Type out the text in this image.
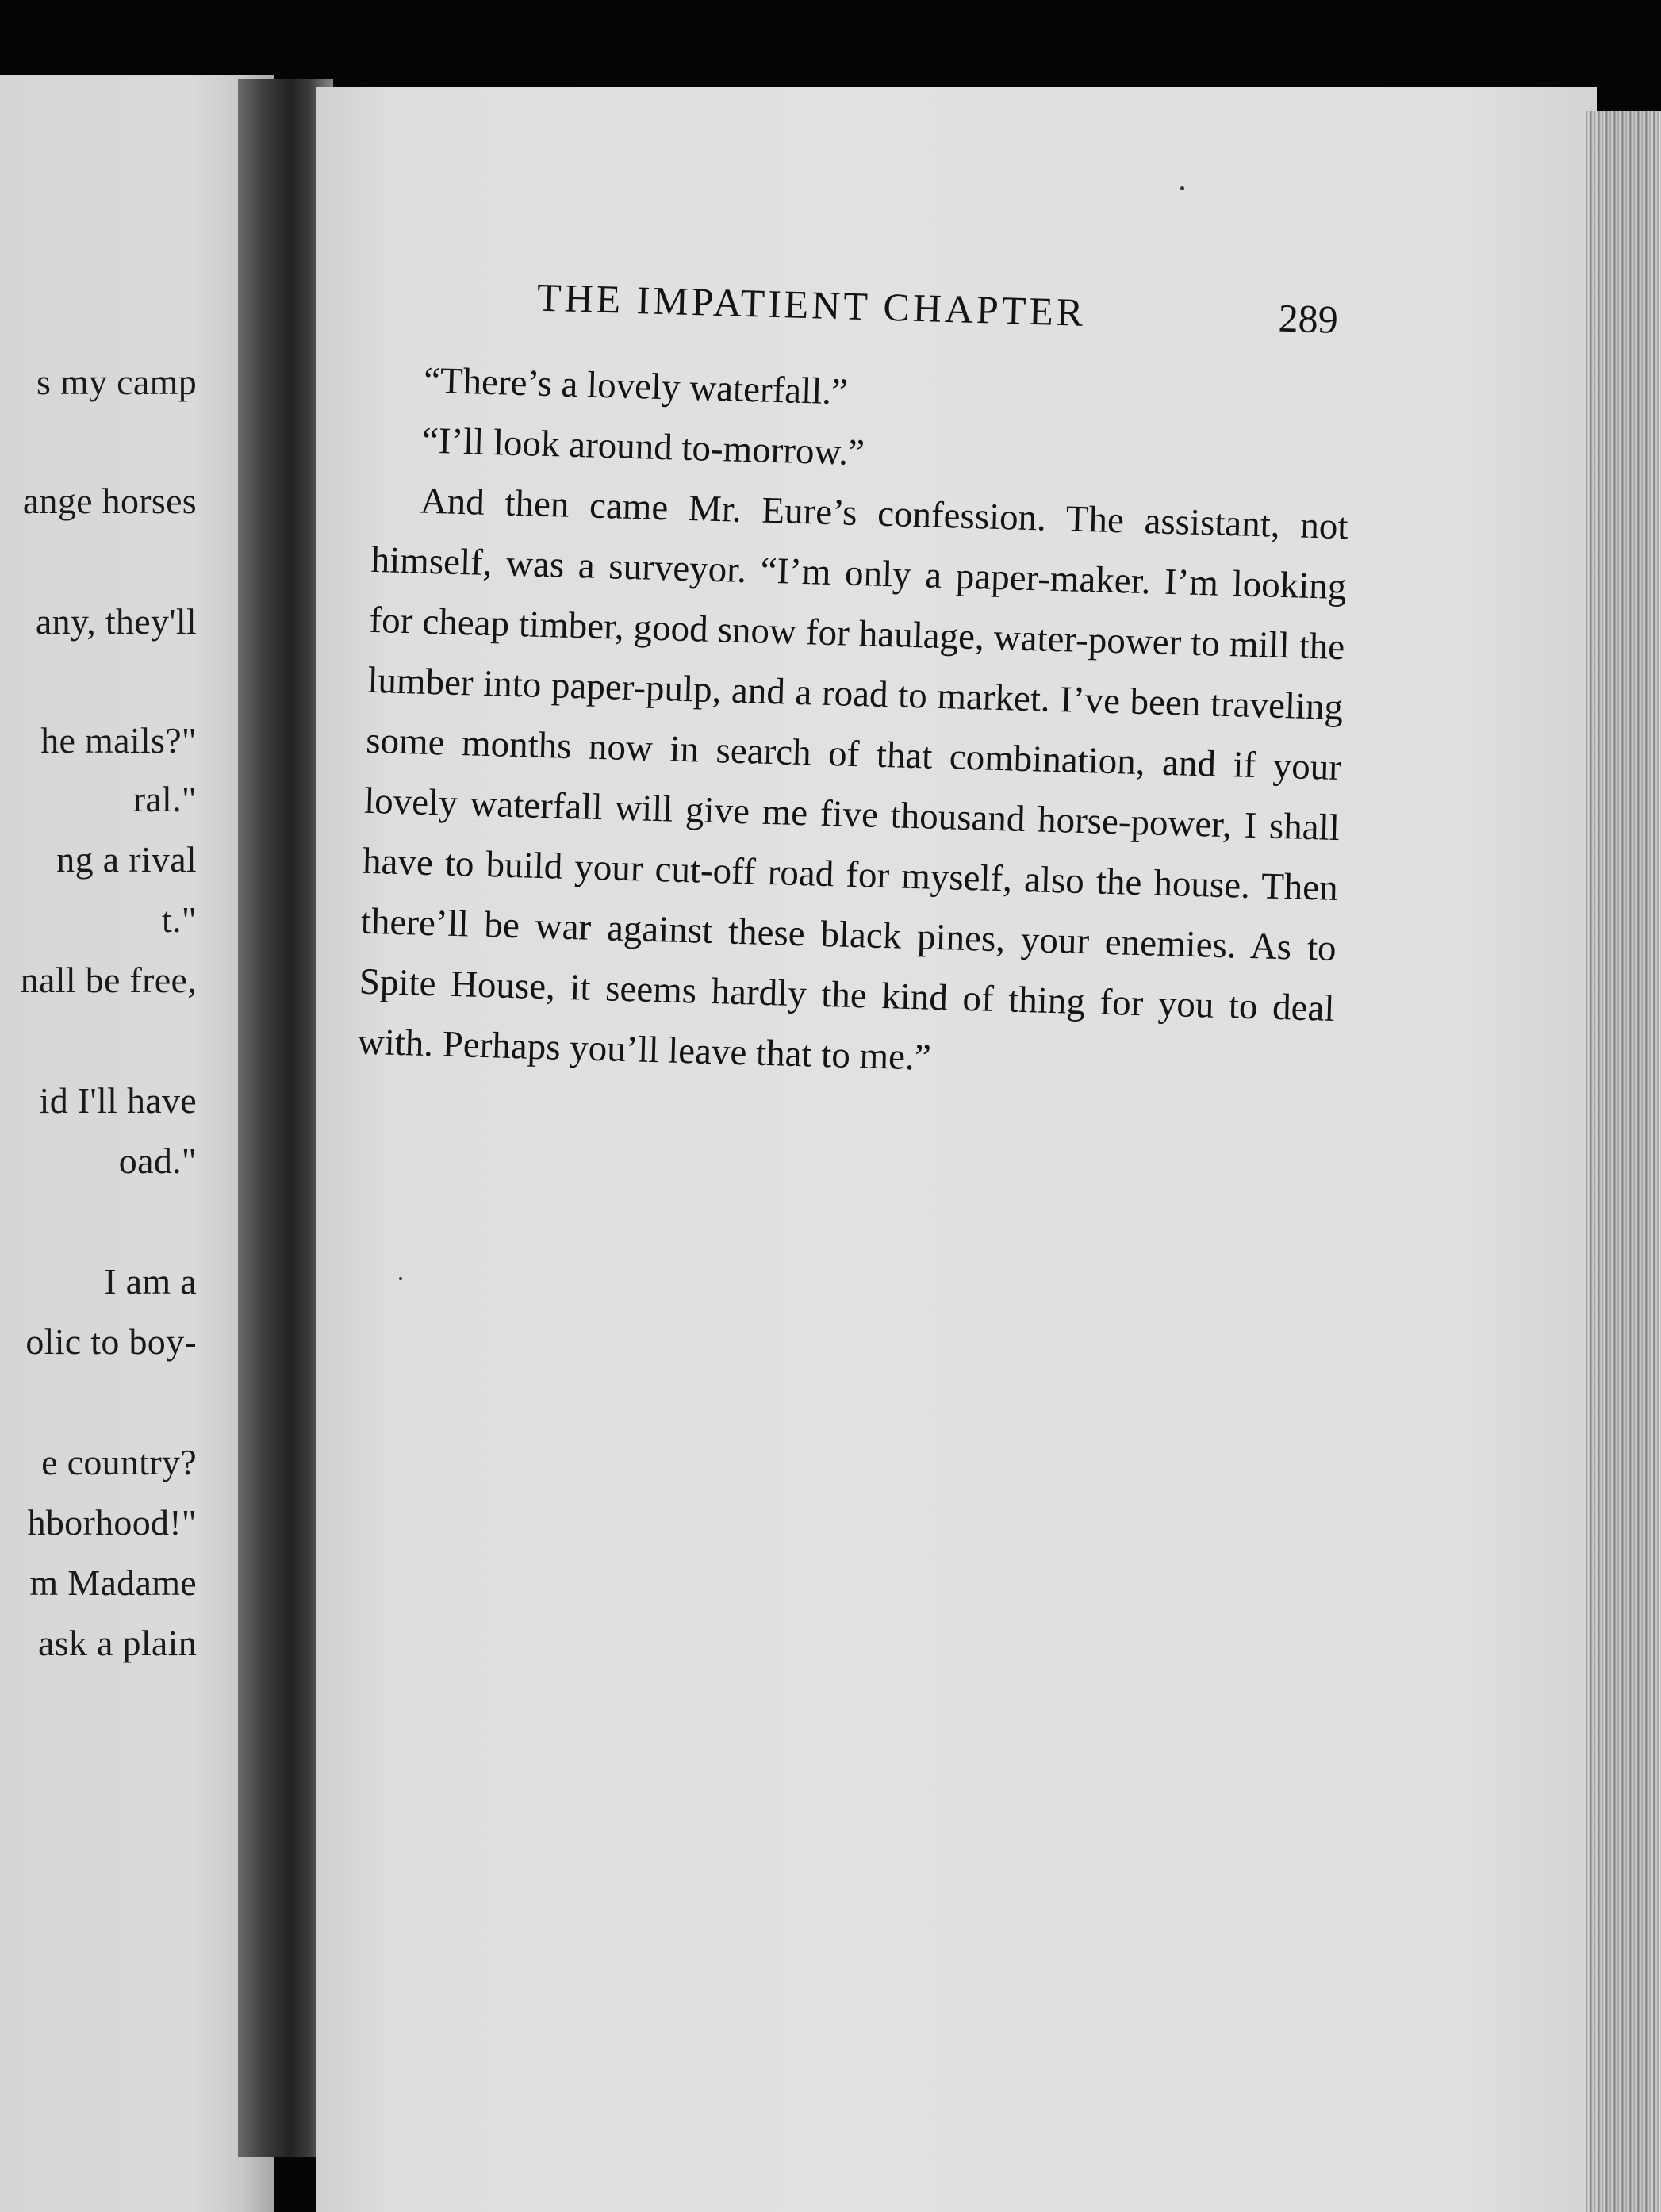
s my camp
ange horses
any, they'll
he mails?"
ral."
ng a rival
t."
nall be free,
id I'll have
oad."
I am a
olic to boy-
e country?
hborhood!"
m Madame
ask a plain
THE IMPATIENT CHAPTER	289

“There’s a lovely waterfall.”

“I’ll look around to-morrow.”

And then came Mr. Eure’s confession. The assistant, not himself, was a surveyor. “I’m only a paper-maker. I’m looking for cheap timber, good snow for haulage, water-power to mill the lumber into paper-pulp, and a road to market. I’ve been traveling some months now in search of that combination, and if your lovely waterfall will give me five thousand horse-power, I shall have to build your cut-off road for myself, also the house. Then there’ll be war against these black pines, your enemies. As to Spite House, it seems hardly the kind of thing for you to deal with. Perhaps you’ll leave that to me.”
